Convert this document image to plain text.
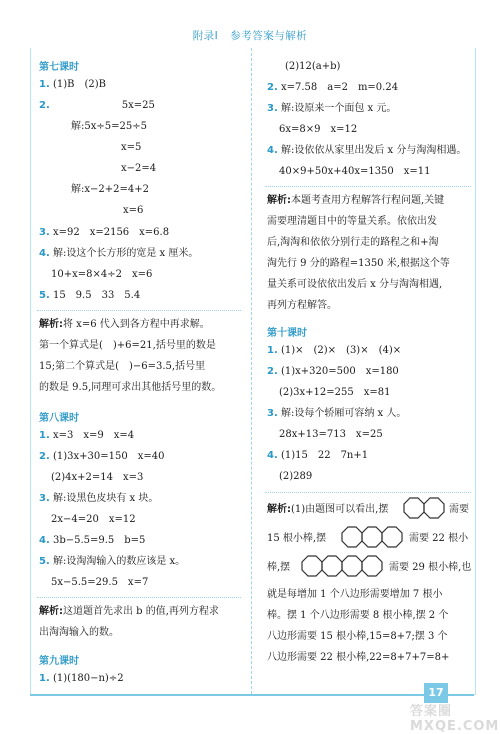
附录Ⅰ 参考答案与解析
第七课时
1. (1)B　(2)B
2.	5x=25
解:5x÷5=25÷5
x=5
x−2=4
解:x−2+2=4+2
x=6
3. x=92　x=2156　x=6.8
4. 解:设这个长方形的宽是 x 厘米。
10+x=8×4÷2　x=6
5. 15　9.5　33　5.4
解析:将 x=6 代入到各方程中再求解。
第一个算式是(　)+6=21,括号里的数是
15;第二个算式是(　)−6=3.5,括号里
的数是 9.5,同理可求出其他括号里的数。
第八课时
1. x=3　x=9　x=4
2. (1)3x+30=150　x=40
(2)4x+2=14　x=3
3. 解:设黑色皮块有 x 块。
2x−4=20　x=12
4. 3b−5.5=9.5　b=5
5. 解:设淘淘输入的数应该是 x。
5x−5.5=29.5　x=7
解析:这道题首先求出 b 的值,再列方程求
出淘淘输入的数。
第九课时
1. (1)(180−n)÷2
(2)12(a+b)
2. x=7.58　a=2　m=0.24
3. 解:设原来一个面包 x 元。
6x=8×9　x=12
4. 解:设依依从家里出发后 x 分与淘淘相遇。
40×9+50x+40x=1350　x=11
解析:本题考查用方程解答行程问题,关键
需要理清题目中的等量关系。依依出发
后,淘淘和依依分别行走的路程之和+淘
淘先行 9 分的路程=1350 米,根据这个等
量关系可设依依出发后 x 分与淘淘相遇,
再列方程解答。
第十课时
1. (1)×　(2)×　(3)×　(4)×
2. (1)x+320=500　x=180
(2)3x+12=255　x=81
3. 解:设每个轿厢可容纳 x 人。
28x+13=713　x=25
4. (1)15　22　7n+1
(2)289
解析:(1)由题图可以看出,摆	需要
15 根小棒,摆	需要 22 根小
棒,摆	需要 29 根小棒,也
就是每增加 1 个八边形需要增加 7 根小
棒。摆 1 个八边形需要 8 根小棒,摆 2 个
八边形需要 15 根小棒,15=8+7;摆 3 个
八边形需要 22 根小棒,22=8+7+7=8+
17
答案圈 MXQE.COM
